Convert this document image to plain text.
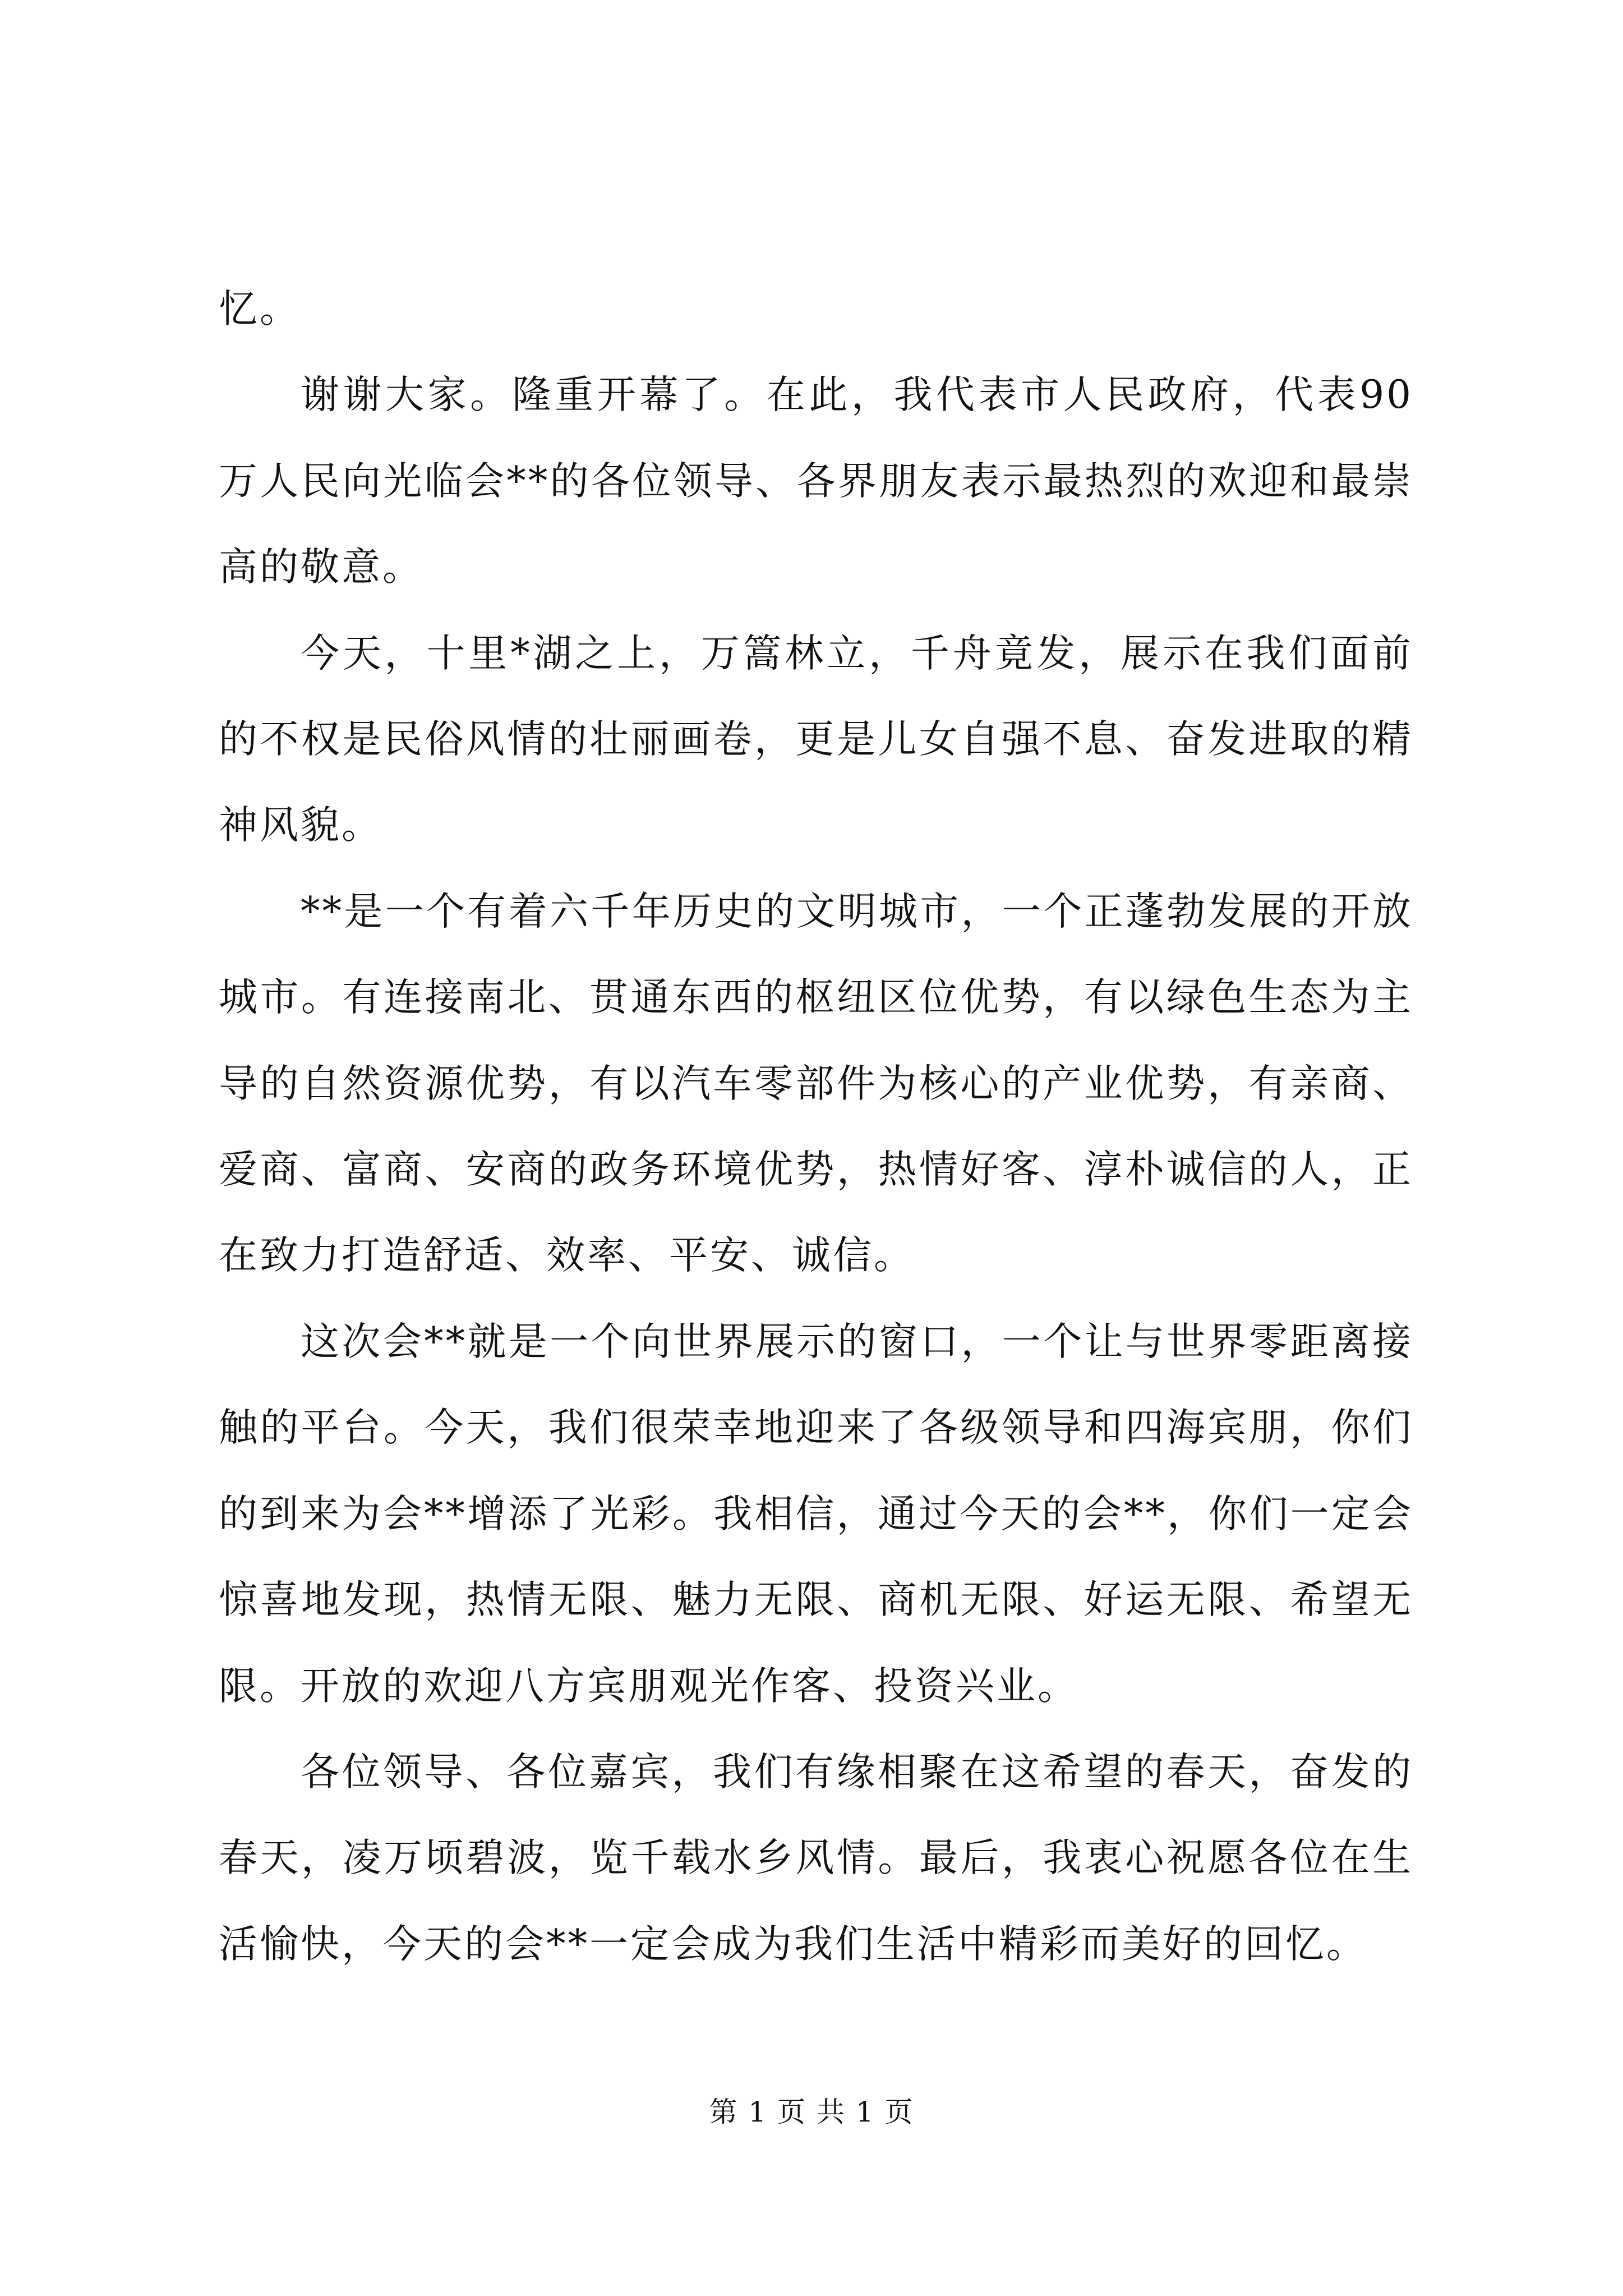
忆。

谢谢大家。隆重开幕了。在此，我代表市人民政府，代表90万人民向光临会**的各位领导、各界朋友表示最热烈的欢迎和最崇高的敬意。

今天，十里*湖之上，万篙林立，千舟竟发，展示在我们面前的不权是民俗风情的壮丽画卷，更是儿女自强不息、奋发进取的精神风貌。

**是一个有着六千年历史的文明城市，一个正蓬勃发展的开放城市。有连接南北、贯通东西的枢纽区位优势，有以绿色生态为主导的自然资源优势，有以汽车零部件为核心的产业优势，有亲商、爱商、富商、安商的政务环境优势，热情好客、淳朴诚信的人，正在致力打造舒适、效率、平安、诚信。

这次会**就是一个向世界展示的窗口，一个让与世界零距离接触的平台。今天，我们很荣幸地迎来了各级领导和四海宾朋，你们的到来为会**增添了光彩。我相信，通过今天的会**，你们一定会惊喜地发现，热情无限、魅力无限、商机无限、好运无限、希望无限。开放的欢迎八方宾朋观光作客、投资兴业。

各位领导、各位嘉宾，我们有缘相聚在这希望的春天，奋发的春天，凌万顷碧波，览千载水乡风情。最后，我衷心祝愿各位在生活愉快，今天的会**一定会成为我们生活中精彩而美好的回忆。

第 1 页 共 1 页
